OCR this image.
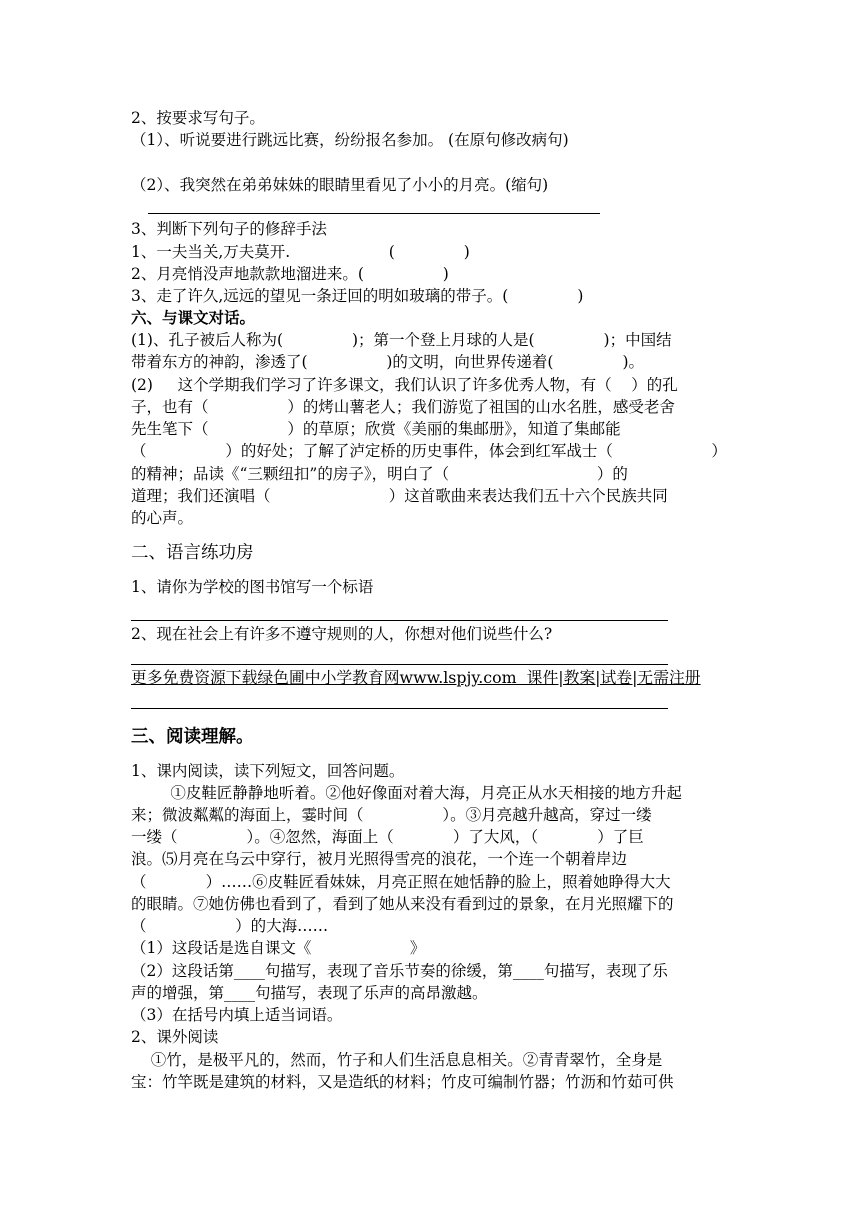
2、按要求写句子。
（1）、听说要进行跳远比赛，纷纷报名参加。 (在原句修改病句)
（2）、我突然在弟弟妹妹的眼睛里看见了小小的月亮。(缩句)
3、判断下列句子的修辞手法
1、一夫当关,万夫莫开.                    (              )
2、月亮悄没声地款款地溜进来。(                )
3、走了许久,远远的望见一条迂回的明如玻璃的带子。(              )
六、与课文对话。
(1)、孔子被后人称为(              )；第一个登上月球的人是(              )；中国结
带着东方的神韵，渗透了(                )的文明，向世界传递着(              )。
(2)     这个学期我们学习了许多课文，我们认识了许多优秀人物，有（    ）的孔
子，也有（                ）的烤山薯老人；我们游览了祖国的山水名胜，感受老舍
先生笔下（                ）的草原；欣赏《美丽的集邮册》，知道了集邮能
（                ）的好处；了解了泸定桥的历史事件，体会到红军战士（                    ）
的精神；品读《“三颗纽扣”的房子》，明白了（                              ）的
道理；我们还演唱（                        ）这首歌曲来表达我们五十六个民族共同
的心声。
二、语言练功房
1、请你为学校的图书馆写一个标语
2、现在社会上有许多不遵守规则的人，你想对他们说些什么?
更多免费资源下载绿色圃中小学教育网www.lspjy.com  课件|教案|试卷|无需注册
三、阅读理解。
1、课内阅读，读下列短文，回答问题。
①皮鞋匠静静地听着。②他好像面对着大海，月亮正从水天相接的地方升起
来；微波粼粼的海面上，霎时间（                ）。③月亮越升越高，穿过一缕
一缕（              ）。④忽然，海面上（            ）了大风，（            ）了巨
浪。⑸月亮在乌云中穿行，被月光照得雪亮的浪花，一个连一个朝着岸边
（            ）……⑥皮鞋匠看妹妹，月亮正照在她恬静的脸上，照着她睁得大大
的眼睛。⑦她仿佛也看到了，看到了她从来没有看到过的景象，在月光照耀下的
（                  ）的大海……
（1）这段话是选自课文《                    》
（2）这段话第____句描写，表现了音乐节奏的徐缓，第____句描写，表现了乐
声的增强，第____句描写，表现了乐声的高昂激越。
（3）在括号内填上适当词语。
2、课外阅读
①竹，是极平凡的，然而，竹子和人们生活息息相关。②青青翠竹，全身是
宝：竹竿既是建筑的材料，又是造纸的材料；竹皮可编制竹器；竹沥和竹茹可供
